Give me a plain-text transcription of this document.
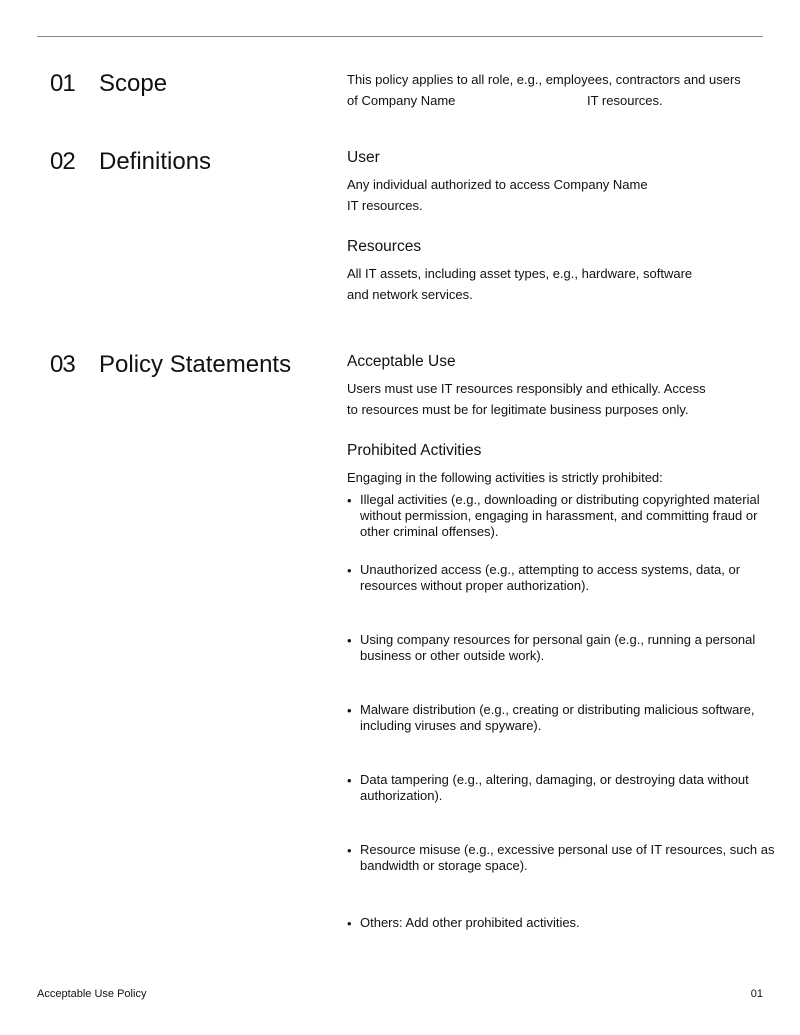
01	Scope
02	Definitions
03	Policy Statements
This policy applies to all role, e.g., employees, contractors and users
of Company Name	IT resources.
User
Any individual authorized to access Company Name
IT resources.
Resources
All IT assets, including asset types, e.g., hardware, software
and network services.
Acceptable Use
Users must use IT resources responsibly and ethically. Access
to resources must be for legitimate business purposes only.
Prohibited Activities
Engaging in the following activities is strictly prohibited:
• Illegal activities (e.g., downloading or distributing copyrighted material without permission, engaging in harassment, and committing fraud or other criminal offenses).
• Unauthorized access (e.g., attempting to access systems, data, or resources without proper authorization).
• Using company resources for personal gain (e.g., running a personal business or other outside work).
• Malware distribution (e.g., creating or distributing malicious software, including viruses and spyware).
• Data tampering (e.g., altering, damaging, or destroying data without authorization).
• Resource misuse (e.g., excessive personal use of IT resources, such as bandwidth or storage space).
• Others: Add other prohibited activities.
Acceptable Use Policy	01
